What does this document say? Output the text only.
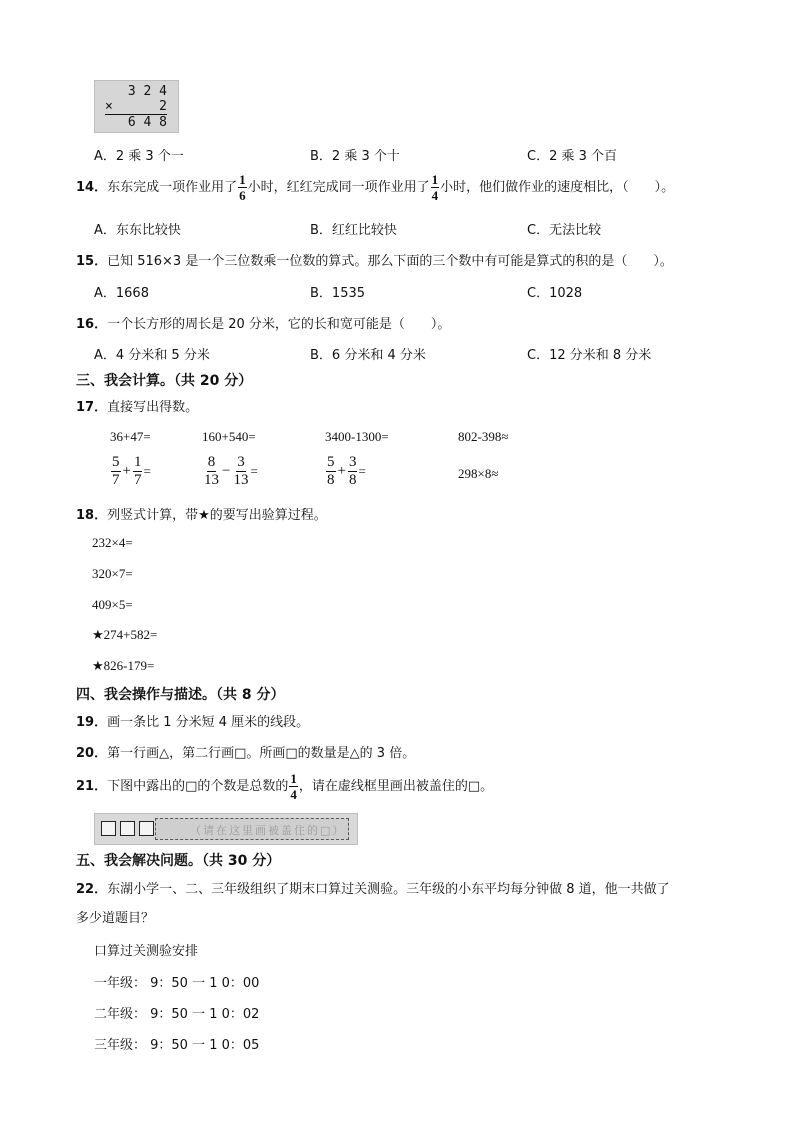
3 2 4
×	2
6 4 8
A．2 乘 3 个一	B．2 乘 3 个十	C．2 乘 3 个百
14．东东完成一项作业用了 $\frac{1}{6}$ 小时，红红完成同一项作业用了 $\frac{1}{4}$ 小时，他们做作业的速度相比，（　　）。
A．东东比较快	B．红红比较快	C．无法比较
15．已知 516×3 是一个三位数乘一位数的算式。那么下面的三个数中有可能是算式的积的是（　　）。
A．1668	B．1535	C．1028
16．一个长方形的周长是 20 分米，它的长和宽可能是（　　）。
A．4 分米和 5 分米	B．6 分米和 4 分米	C．12 分米和 8 分米
三、我会计算。（共 20 分）
17．直接写出得数。
36+47=	160+540=	3400-1300=	802-398≈
$\frac{5}{7} + \frac{1}{7}$ =	$\frac{8}{13} - \frac{3}{13}$ =	$\frac{5}{8} + \frac{3}{8}$ =	298×8≈
18．列竖式计算，带★的要写出验算过程。
232×4=
320×7=
409×5=
★274+582=
★826-179=
四、我会操作与描述。（共 8 分）
19．画一条比 1 分米短 4 厘米的线段。
20．第一行画△，第二行画□。所画□的数量是△的 3 倍。
21．下图中露出的□的个数是总数的 $\frac{1}{4}$ ，请在虚线框里画出被盖住的□。
（请在这里画被盖住的□）
五、我会解决问题。（共 30 分）
22．东湖小学一、二、三年级组织了期末口算过关测验。三年级的小东平均每分钟做 8 道，他一共做了
多少道题目？
口算过关测验安排
一年级： 9：50 一 1 0：00
二年级： 9：50 一 1 0：02
三年级： 9：50 一 1 0：05
